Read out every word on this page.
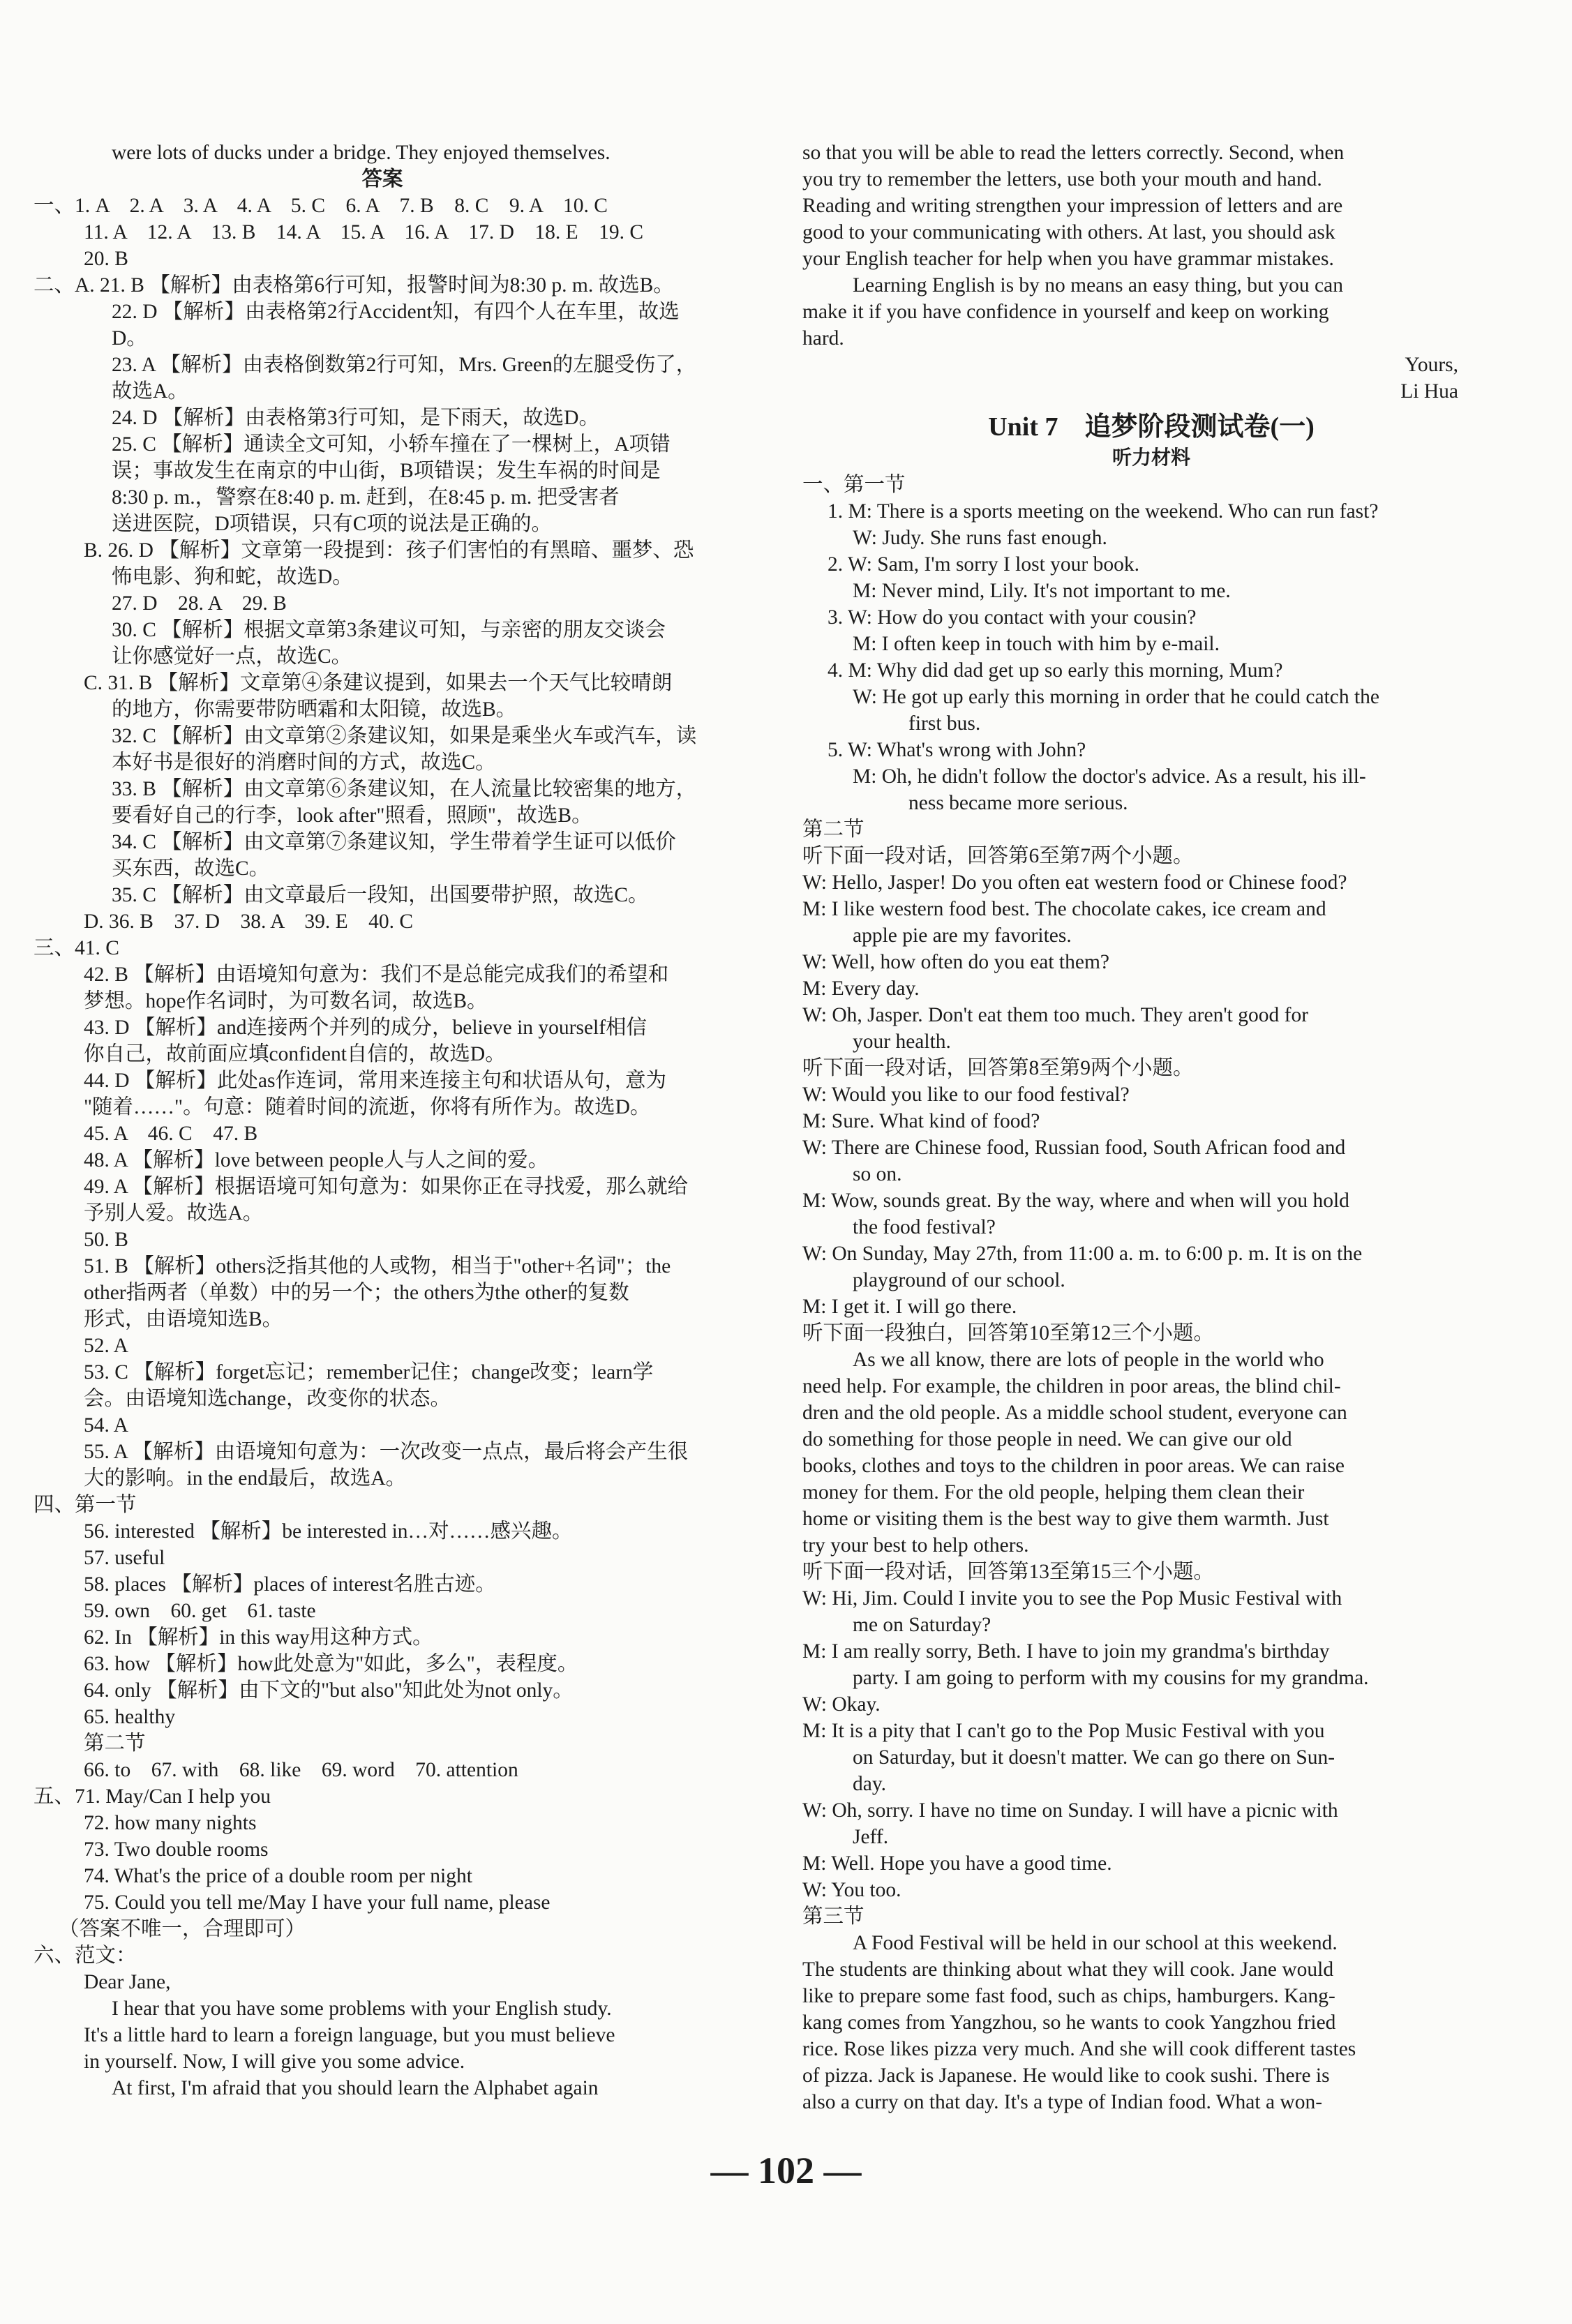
were lots of ducks under a bridge. They enjoyed themselves.
答案
一、1. A　2. A　3. A　4. A　5. C　6. A　7. B　8. C　9. A　10. C
11. A　12. A　13. B　14. A　15. A　16. A　17. D　18. E　19. C
20. B
二、A. 21. B 【解析】由表格第6行可知，报警时间为8:30 p. m. 故选B。
22. D 【解析】由表格第2行Accident知，有四个人在车里，故选
D。
23. A 【解析】由表格倒数第2行可知，Mrs. Green的左腿受伤了，
故选A。
24. D 【解析】由表格第3行可知，是下雨天，故选D。
25. C 【解析】通读全文可知，小轿车撞在了一棵树上，A项错
误；事故发生在南京的中山街，B项错误；发生车祸的时间是
8:30 p. m.，警察在8:40 p. m. 赶到，在8:45 p. m. 把受害者
送进医院，D项错误，只有C项的说法是正确的。
B. 26. D 【解析】文章第一段提到：孩子们害怕的有黑暗、噩梦、恐
怖电影、狗和蛇，故选D。
27. D　28. A　29. B
30. C 【解析】根据文章第3条建议可知，与亲密的朋友交谈会
让你感觉好一点，故选C。
C. 31. B 【解析】文章第④条建议提到，如果去一个天气比较晴朗
的地方，你需要带防晒霜和太阳镜，故选B。
32. C 【解析】由文章第②条建议知，如果是乘坐火车或汽车，读
本好书是很好的消磨时间的方式，故选C。
33. B 【解析】由文章第⑥条建议知，在人流量比较密集的地方，
要看好自己的行李，look after"照看，照顾"，故选B。
34. C 【解析】由文章第⑦条建议知，学生带着学生证可以低价
买东西，故选C。
35. C 【解析】由文章最后一段知，出国要带护照，故选C。
D. 36. B　37. D　38. A　39. E　40. C
三、41. C
42. B 【解析】由语境知句意为：我们不是总能完成我们的希望和
梦想。hope作名词时，为可数名词，故选B。
43. D 【解析】and连接两个并列的成分，believe in yourself相信
你自己，故前面应填confident自信的，故选D。
44. D 【解析】此处as作连词，常用来连接主句和状语从句，意为
"随着……"。句意：随着时间的流逝，你将有所作为。故选D。
45. A　46. C　47. B
48. A 【解析】love between people人与人之间的爱。
49. A 【解析】根据语境可知句意为：如果你正在寻找爱，那么就给
予别人爱。故选A。
50. B
51. B 【解析】others泛指其他的人或物，相当于"other+名词"；the
other指两者（单数）中的另一个；the others为the other的复数
形式，由语境知选B。
52. A
53. C 【解析】forget忘记；remember记住；change改变；learn学
会。由语境知选change，改变你的状态。
54. A
55. A 【解析】由语境知句意为：一次改变一点点，最后将会产生很
大的影响。in the end最后，故选A。
四、第一节
56. interested 【解析】be interested in…对……感兴趣。
57. useful
58. places 【解析】places of interest名胜古迹。
59. own　60. get　61. taste
62. In 【解析】in this way用这种方式。
63. how 【解析】how此处意为"如此，多么"，表程度。
64. only 【解析】由下文的"but also"知此处为not only。
65. healthy
第二节
66. to　67. with　68. like　69. word　70. attention
五、71. May/Can I help you
72. how many nights
73. Two double rooms
74. What's the price of a double room per night
75. Could you tell me/May I have your full name, please
（答案不唯一，合理即可）
六、范文：
Dear Jane,
I hear that you have some problems with your English study.
It's a little hard to learn a foreign language, but you must believe
in yourself. Now, I will give you some advice.
At first, I'm afraid that you should learn the Alphabet again
so that you will be able to read the letters correctly. Second, when
you try to remember the letters, use both your mouth and hand.
Reading and writing strengthen your impression of letters and are
good to your communicating with others. At last, you should ask
your English teacher for help when you have grammar mistakes.
Learning English is by no means an easy thing, but you can
make it if you have confidence in yourself and keep on working
hard.
Yours,
Li Hua
Unit 7　追梦阶段测试卷(一)
听力材料
一、第一节
1. M: There is a sports meeting on the weekend. Who can run fast?
W: Judy. She runs fast enough.
2. W: Sam, I'm sorry I lost your book.
M: Never mind, Lily. It's not important to me.
3. W: How do you contact with your cousin?
M: I often keep in touch with him by e-mail.
4. M: Why did dad get up so early this morning, Mum?
W: He got up early this morning in order that he could catch the
first bus.
5. W: What's wrong with John?
M: Oh, he didn't follow the doctor's advice. As a result, his ill-
ness became more serious.
第二节
听下面一段对话，回答第6至第7两个小题。
W: Hello, Jasper! Do you often eat western food or Chinese food?
M: I like western food best. The chocolate cakes, ice cream and
apple pie are my favorites.
W: Well, how often do you eat them?
M: Every day.
W: Oh, Jasper. Don't eat them too much. They aren't good for
your health.
听下面一段对话，回答第8至第9两个小题。
W: Would you like to our food festival?
M: Sure. What kind of food?
W: There are Chinese food, Russian food, South African food and
so on.
M: Wow, sounds great. By the way, where and when will you hold
the food festival?
W: On Sunday, May 27th, from 11:00 a. m. to 6:00 p. m. It is on the
playground of our school.
M: I get it. I will go there.
听下面一段独白，回答第10至第12三个小题。
As we all know, there are lots of people in the world who
need help. For example, the children in poor areas, the blind chil-
dren and the old people. As a middle school student, everyone can
do something for those people in need. We can give our old
books, clothes and toys to the children in poor areas. We can raise
money for them. For the old people, helping them clean their
home or visiting them is the best way to give them warmth. Just
try your best to help others.
听下面一段对话，回答第13至第15三个小题。
W: Hi, Jim. Could I invite you to see the Pop Music Festival with
me on Saturday?
M: I am really sorry, Beth. I have to join my grandma's birthday
party. I am going to perform with my cousins for my grandma.
W: Okay.
M: It is a pity that I can't go to the Pop Music Festival with you
on Saturday, but it doesn't matter. We can go there on Sun-
day.
W: Oh, sorry. I have no time on Sunday. I will have a picnic with
Jeff.
M: Well. Hope you have a good time.
W: You too.
第三节
A Food Festival will be held in our school at this weekend.
The students are thinking about what they will cook. Jane would
like to prepare some fast food, such as chips, hamburgers. Kang-
kang comes from Yangzhou, so he wants to cook Yangzhou fried
rice. Rose likes pizza very much. And she will cook different tastes
of pizza. Jack is Japanese. He would like to cook sushi. There is
also a curry on that day. It's a type of Indian food. What a won-
— 102 —
